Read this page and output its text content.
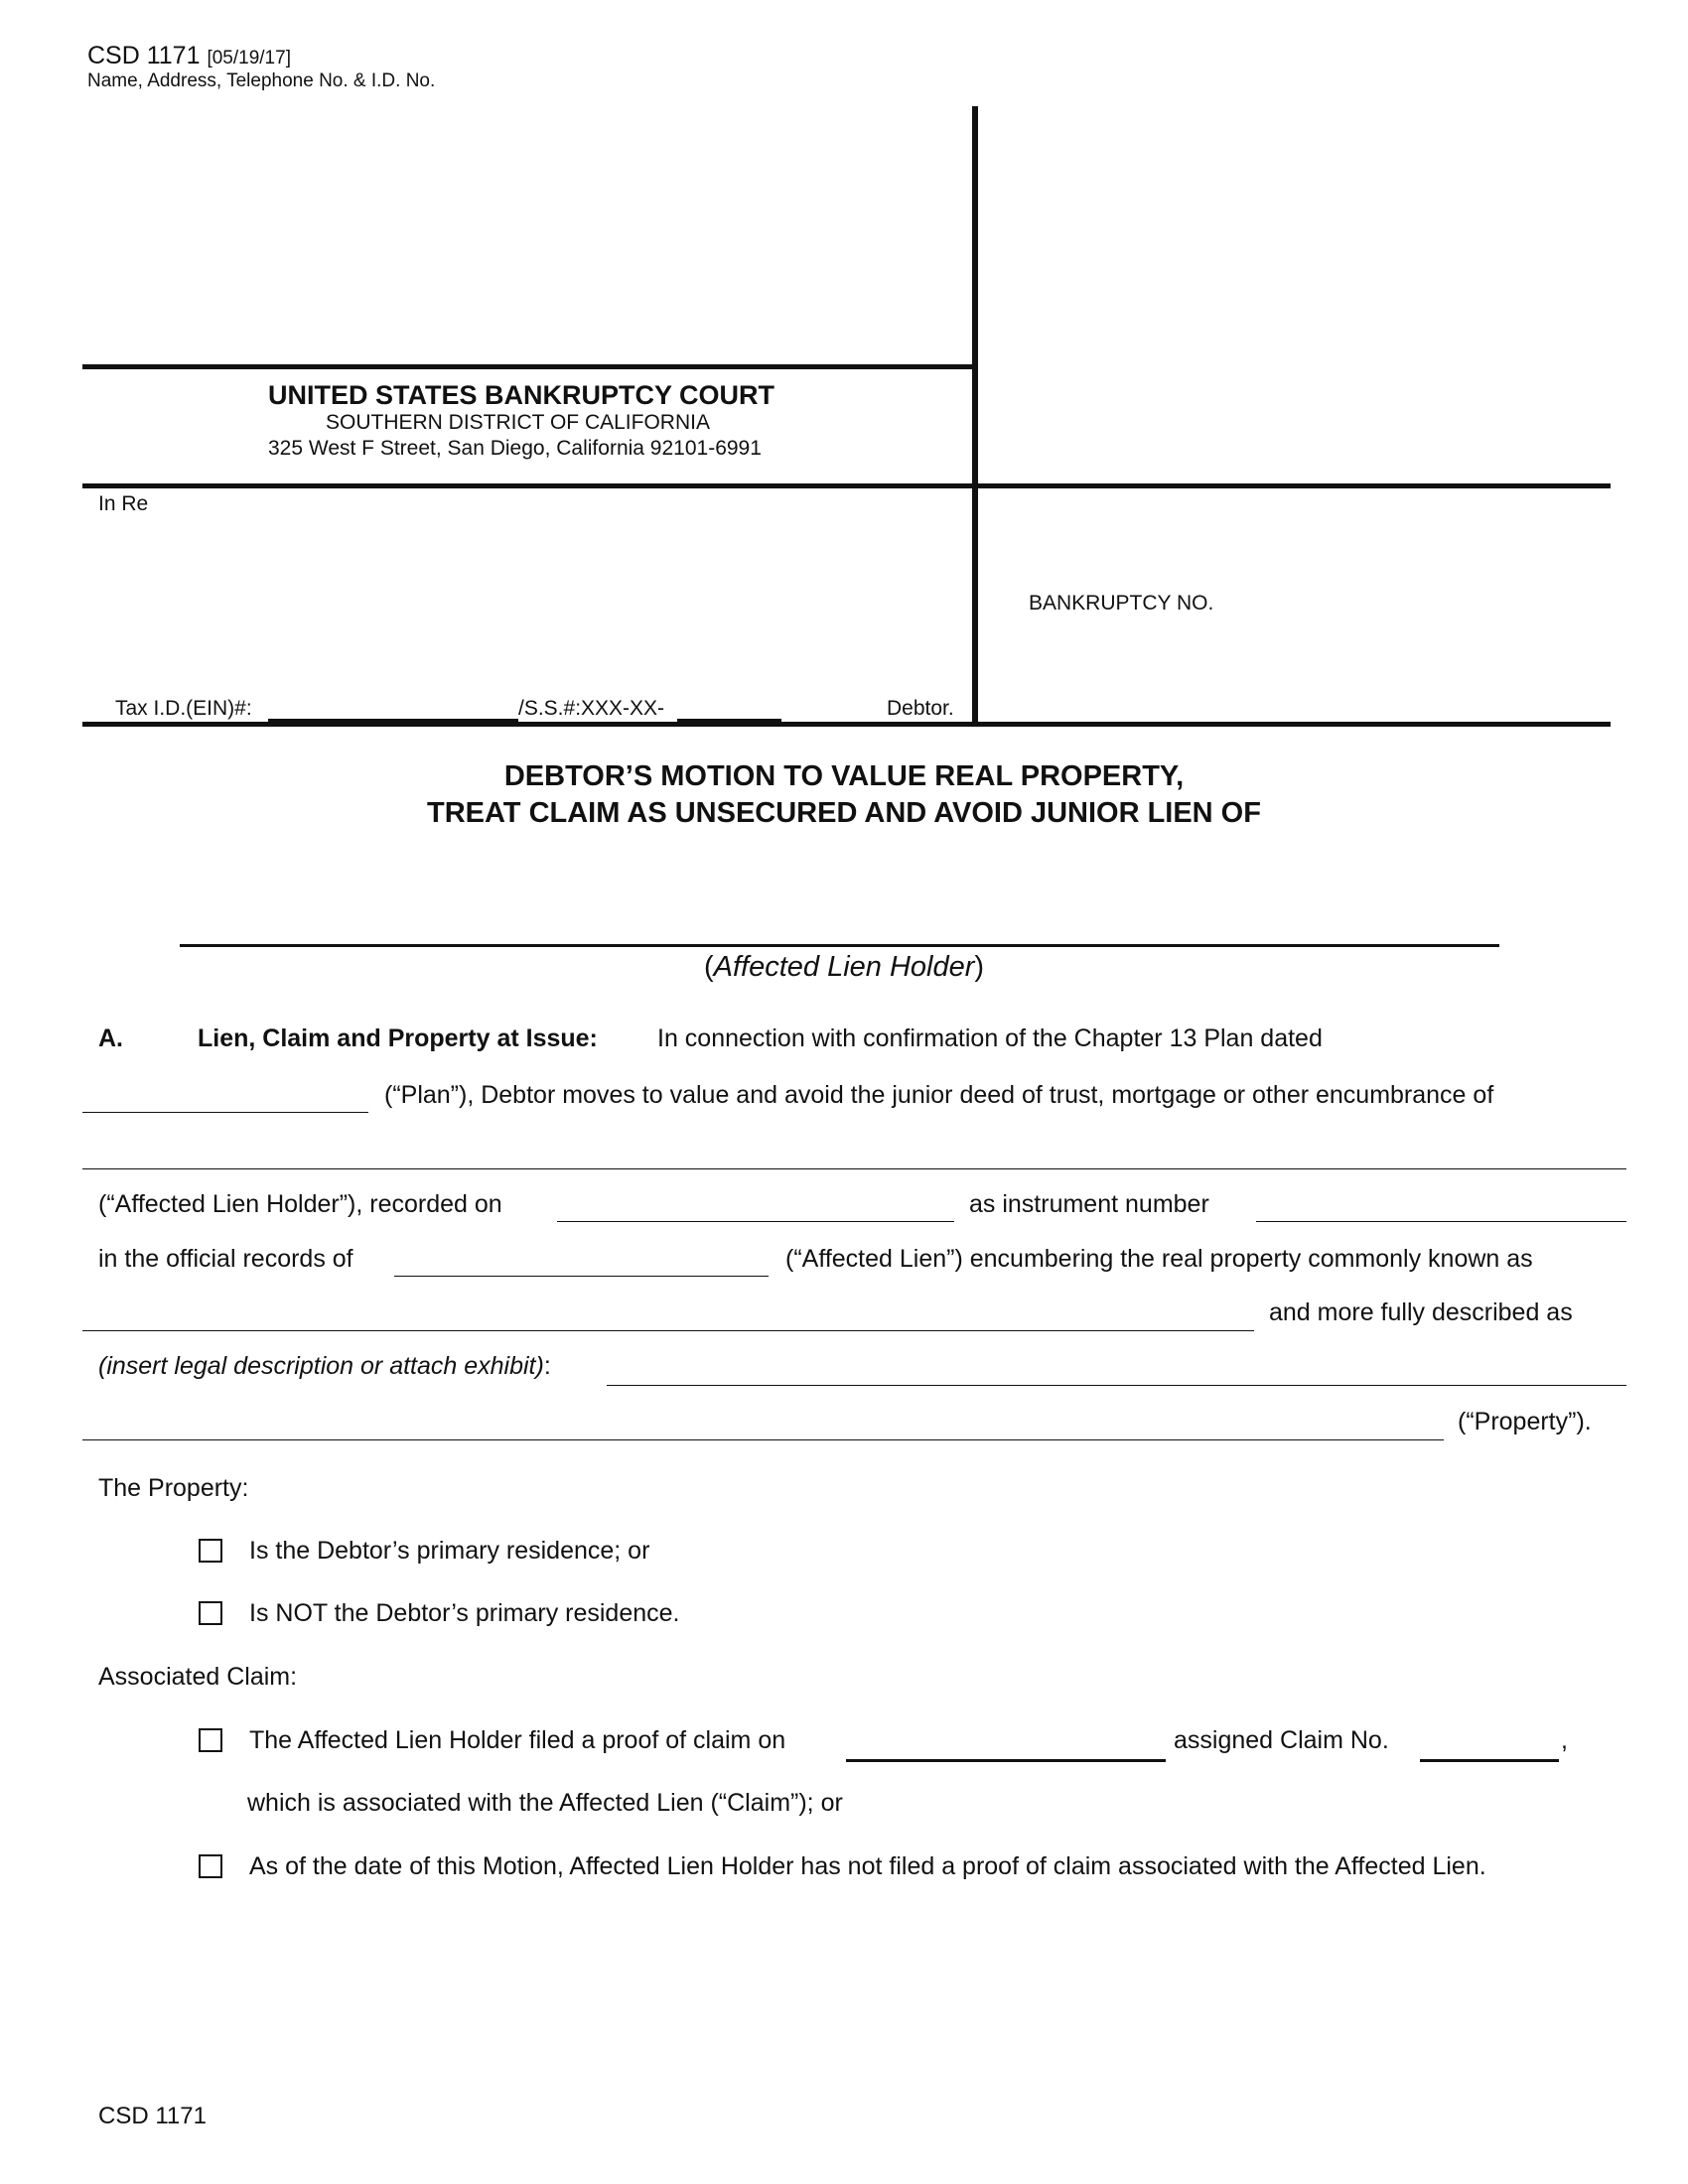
CSD 1171 [05/19/17]
Name, Address, Telephone No. & I.D. No.
UNITED STATES BANKRUPTCY COURT
SOUTHERN DISTRICT OF CALIFORNIA
325 West F Street, San Diego, California 92101-6991
In Re
BANKRUPTCY NO.
Tax I.D.(EIN)#:	/S.S.#:XXX-XX-	Debtor.
DEBTOR’S MOTION TO VALUE REAL PROPERTY,
TREAT CLAIM AS UNSECURED AND AVOID JUNIOR LIEN OF
(Affected Lien Holder)
A.	Lien, Claim and Property at Issue: In connection with confirmation of the Chapter 13 Plan dated
(“Plan”), Debtor moves to value and avoid the junior deed of trust, mortgage or other encumbrance of
(“Affected Lien Holder”), recorded on	as instrument number
in the official records of	(“Affected Lien”) encumbering the real property commonly known as
and more fully described as
(insert legal description or attach exhibit):
(“Property”).
The Property:
Is the Debtor’s primary residence; or
Is NOT the Debtor’s primary residence.
Associated Claim:
The Affected Lien Holder filed a proof of claim on	assigned Claim No.	,
which is associated with the Affected Lien (“Claim”); or
As of the date of this Motion, Affected Lien Holder has not filed a proof of claim associated with the Affected Lien.
CSD 1171
